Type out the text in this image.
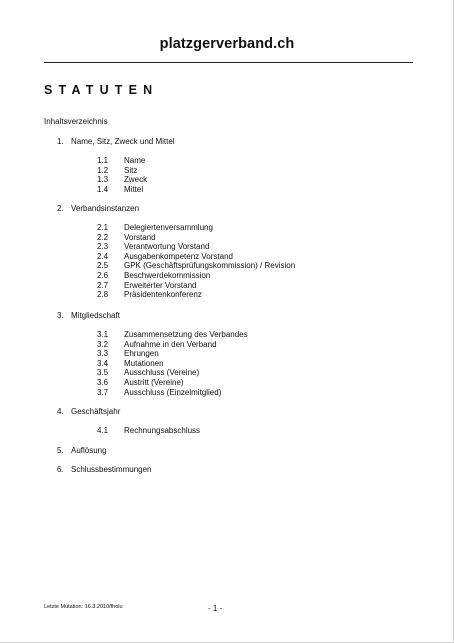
platzgerverband.ch
STATUTEN
Inhaltsverzeichnis
1. Name, Sitz, Zweck und Mittel
1.1 Name
1.2 Sitz
1.3 Zweck
1.4 Mittel
2. Verbandsinstanzen
2.1 Delegiertenversammlung
2.2 Vorstand
2.3 Verantwortung Vorstand
2.4 Ausgabenkompetenz Vorstand
2.5 GPK (Geschäftsprüfungskommission) / Revision
2.6 Beschwerdekommission
2.7 Erweiterter Vorstand
2.8 Präsidentenkonferenz
3. Mitgliedschaft
3.1 Zusammensetzung des Verbandes
3.2 Aufnahme in den Verband
3.3 Ehrungen
3.4 Mutationen
3.5 Ausschluss (Vereine)
3.6 Austritt (Vereine)
3.7 Ausschluss (Einzelmitglied)
4. Geschäftsjahr
4.1 Rechnungsabschluss
5. Auflösung
6. Schlussbestimmungen
Letzte Mutation: 16.3.2010/fholu	- 1 -
